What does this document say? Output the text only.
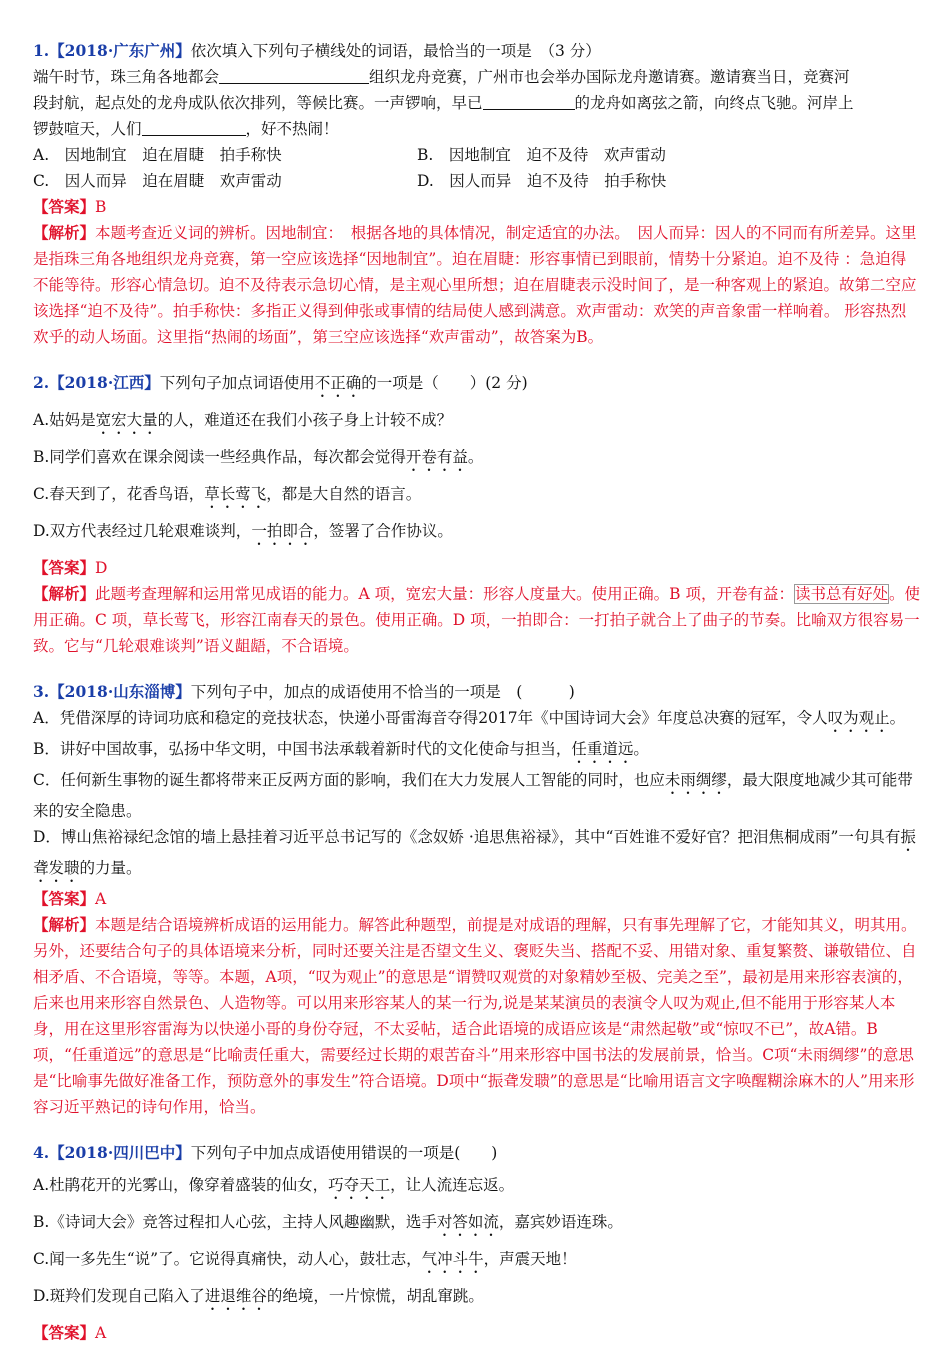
1.【2018·广东广州】依次填入下列句子横线处的词语，最恰当的一项是　（3 分）
端午时节，珠三角各地都会	组织龙舟竞赛，广州市也会举办国际龙舟邀请赛。邀请赛当日，竞赛河
段封航，起点处的龙舟成队依次排列，等候比赛。一声锣响，早已	的龙舟如离弦之箭，向终点飞驰。河岸上
锣鼓喧天，人们	，好不热闹！
A.　因地制宜　迫在眉睫　拍手称快	B.　因地制宜　迫不及待　欢声雷动
C.　因人而异　迫在眉睫　欢声雷动	D.　因人而异　迫不及待　拍手称快
【答案】B
【解析】本题考查近义词的辨析。因地制宜：　根据各地的具体情况，制定适宜的办法。　因人而异：因人的不同而有所差异。这里是指珠三角各地组织龙舟竞赛，第一空应该选择“因地制宜”。迫在眉睫：形容事情已到眼前，情势十分紧迫。迫不及待 ：急迫得不能等待。形容心情急切。迫不及待表示急切心情，是主观心里所想；迫在眉睫表示没时间了，是一种客观上的紧迫。故第二空应该选择“迫不及待”。拍手称快：多指正义得到伸张或事情的结局使人感到满意。欢声雷动：欢笑的声音象雷一样响着。 形容热烈欢乎的动人场面。这里指“热闹的场面”，第三空应该选择“欢声雷动”，故答案为B。
2.【2018·江西】下列句子加点词语使用不正确的一项是（　　）(2 分)
A.姑妈是宽宏大量的人，难道还在我们小孩子身上计较不成？
B.同学们喜欢在课余阅读一些经典作品，每次都会觉得开卷有益。
C.春天到了，花香鸟语，草长莺飞，都是大自然的语言。
D.双方代表经过几轮艰难谈判，一拍即合，签署了合作协议。
【答案】D
【解析】此题考查理解和运用常见成语的能力。A 项，宽宏大量：形容人度量大。使用正确。B 项，开卷有益：读书总有好处。使用正确。C 项，草长莺飞，形容江南春天的景色。使用正确。D 项，一拍即合：一打拍子就合上了曲子的节奏。比喻双方很容易一致。它与“几轮艰难谈判”语义龃龉，不合语境。
3.【2018·山东淄博】下列句子中，加点的成语使用不恰当的一项是　(　　　)
A．凭借深厚的诗词功底和稳定的竞技状态，快递小哥雷海音夺得2017年《中国诗词大会》年度总决赛的冠军，令人叹为观止。
B．讲好中国故事，弘扬中华文明，中国书法承载着新时代的文化使命与担当，任重道远。
C．任何新生事物的诞生都将带来正反两方面的影响，我们在大力发展人工智能的同时，也应未雨绸缪，最大限度地减少其可能带来的安全隐患。
D．博山焦裕禄纪念馆的墙上悬挂着习近平总书记写的《念奴娇 ·追思焦裕禄》，其中“百姓谁不爱好官？把泪焦桐成雨”一句具有振聋发聩的力量。
【答案】A
【解析】本题是结合语境辨析成语的运用能力。解答此种题型，前提是对成语的理解，只有事先理解了它，才能知其义，明其用。另外，还要结合句子的具体语境来分析，同时还要关注是否望文生义、褒贬失当、搭配不妥、用错对象、重复繁赘、谦敬错位、自相矛盾、不合语境，等等。本题，A项，“叹为观止”的意思是“谓赞叹观赏的对象精妙至极、完美之至”，最初是用来形容表演的，后来也用来形容自然景色、人造物等。可以用来形容某人的某一行为,说是某某演员的表演令人叹为观止,但不能用于形容某人本身，用在这里形容雷海为以快递小哥的身份夺冠，不太妥帖，适合此语境的成语应该是“肃然起敬”或“惊叹不已”，故A错。B项，“任重道远”的意思是“比喻责任重大，需要经过长期的艰苦奋斗”用来形容中国书法的发展前景，恰当。C项“未雨绸缪”的意思是“比喻事先做好准备工作，预防意外的事发生”符合语境。D项中“振聋发聩”的意思是“比喻用语言文字唤醒糊涂麻木的人”用来形容习近平熟记的诗句作用，恰当。
4.【2018·四川巴中】下列句子中加点成语使用错误的一项是(　　)
A.杜鹃花开的光雾山，像穿着盛装的仙女，巧夺天工，让人流连忘返。
B.《诗词大会》竞答过程扣人心弦，主持人风趣幽默，选手对答如流，嘉宾妙语连珠。
C.闻一多先生“说”了。它说得真痛快，动人心，鼓壮志，气冲斗牛，声震天地！
D.斑羚们发现自己陷入了进退维谷的绝境，一片惊慌，胡乱窜跳。
【答案】A
